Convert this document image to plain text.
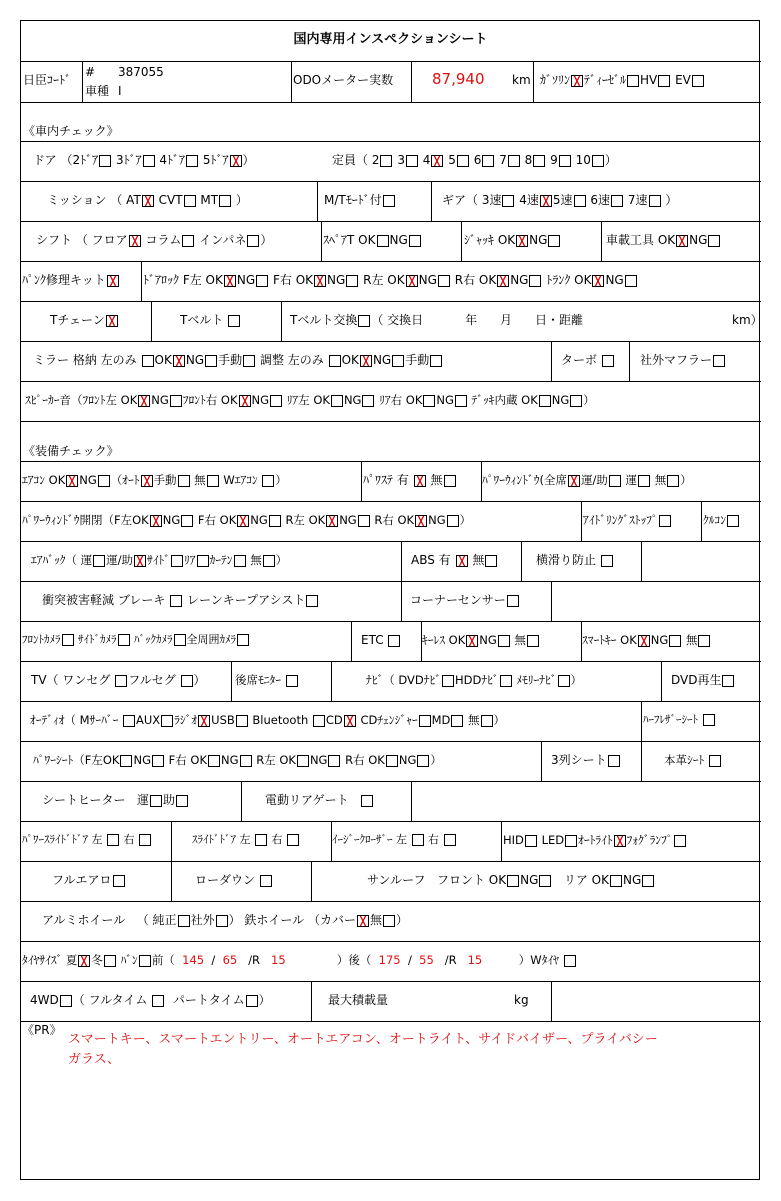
国内専用インスペクションシート
日臣ｺｰﾄﾞ
# 387055
車種 I
ODOメーター実数	87,940 km ｶﾞｿﾘﾝ ﾃﾞｨｰｾﾞﾙ HV EV
《車内チェック》
ドア （2ﾄﾞｱ 3ﾄﾞｱ 4ﾄﾞｱ 5ﾄﾞｱ ）	定員（ 2 3 4 5 6 7 8 9 10 ）
ミッション （ AT CVT MT ）	M/Tﾓｰﾄﾞ付	ギア（ 3速 4速 5速 6速 7速 ）
シフト （ フロア コラム インパネ ）	ｽﾍﾟｱT OK NG	ｼﾞｬｯｷ OK NG	車載工具 OK NG
ﾊﾟﾝｸ修理キット	ﾄﾞｱﾛｯｸ F左 OK NG F右 OK NG R左 OK NG R右 OK NG ﾄﾗﾝｸ OK NG
Tチェーン	Tベルト	Tベルト交換 （ 交換日	年 月 日・距離	km）
ミラー 格納 左のみ OK NG 手動 調整 左のみ OK NG 手動	ターボ	社外マフラー
ｽﾋﾟｰｶｰ音（ﾌﾛﾝﾄ左 OK NG ﾌﾛﾝﾄ右 OK NG ﾘｱ左 OK NG ﾘｱ右 OK NG ﾃﾞｯｷ内蔵 OK NG ）
《装備チェック》
ｴｱｺﾝ OK NG （ｵｰﾄ 手動 無 Wｴｱｺﾝ ）	ﾊﾟﾜｽﾃ 有 無	ﾊﾟﾜｰｳｨﾝﾄﾞｳ(全席 運/助 運 無 ）
ﾊﾟﾜｰｳｨﾝﾄﾞｳ開閉（F左OK NG F右 OK NG R左 OK NG R右 OK NG ）	ｱｲﾄﾞﾘﾝｸﾞｽﾄｯﾌﾟ	ｸﾙｺﾝ
ｴｱﾊﾞｯｸ（ 運 運/助 ｻｲﾄﾞ ﾘｱ ｶｰﾃﾝ 無 ）	ABS 有 無	横滑り防止
衝突被害軽減 ブレーキ レーンキープアシスト	コーナーセンサー
ﾌﾛﾝﾄｶﾒﾗ ｻｲﾄﾞｶﾒﾗ ﾊﾞｯｸｶﾒﾗ 全周囲ｶﾒﾗ	ETC	ｷｰﾚｽ OK NG 無	ｽﾏｰﾄｷｰ OK NG 無
TV（ ワンセグ フルセグ ）	後席ﾓﾆﾀｰ	ﾅﾋﾞ（ DVDﾅﾋﾞ HDDﾅﾋﾞ ﾒﾓﾘｰﾅﾋﾞ ）	DVD再生
ｵｰﾃﾞｨｵ（ Mｻｰﾊﾞｰ AUX ﾗｼﾞｵ USB Bluetooth CD CDﾁｪﾝｼﾞｬｰ MD 無 ）	ﾊｰﾌﾚｻﾞｰｼｰﾄ
ﾊﾟﾜｰｼｰﾄ（F左OK NG F右 OK NG R左 OK NG R右 OK NG ）	3列シート	本革ｼｰﾄ
シートヒーター 運 助	電動リアゲート
ﾊﾟﾜｰｽﾗｲﾄﾞﾄﾞｱ 左 右	ｽﾗｲﾄﾞﾄﾞｱ 左 右	ｲｰｼﾞｰｸﾛｰｻﾞｰ 左 右	HID LED ｵｰﾄﾗｲﾄ ﾌｫｸﾞﾗﾝﾌﾟ
フルエアロ	ローダウン	サンルーフ フロント OK NG リア OK NG
アルミホイール （ 純正 社外 ） 鉄ホイール （カバー 無 ）
ﾀｲﾔｻｲｽﾞ 夏 冬 ﾊﾞﾝ 前（ 145 / 65 /R 15	）後（ 175 / 55 /R 15	）Wﾀｲﾔ
4WD （ フルタイム パートタイム ）	最大積載量	kg
《PR》
スマートキー、スマートエントリー、オートエアコン、オートライト、サイドバイザー、プライバシーガラス、
